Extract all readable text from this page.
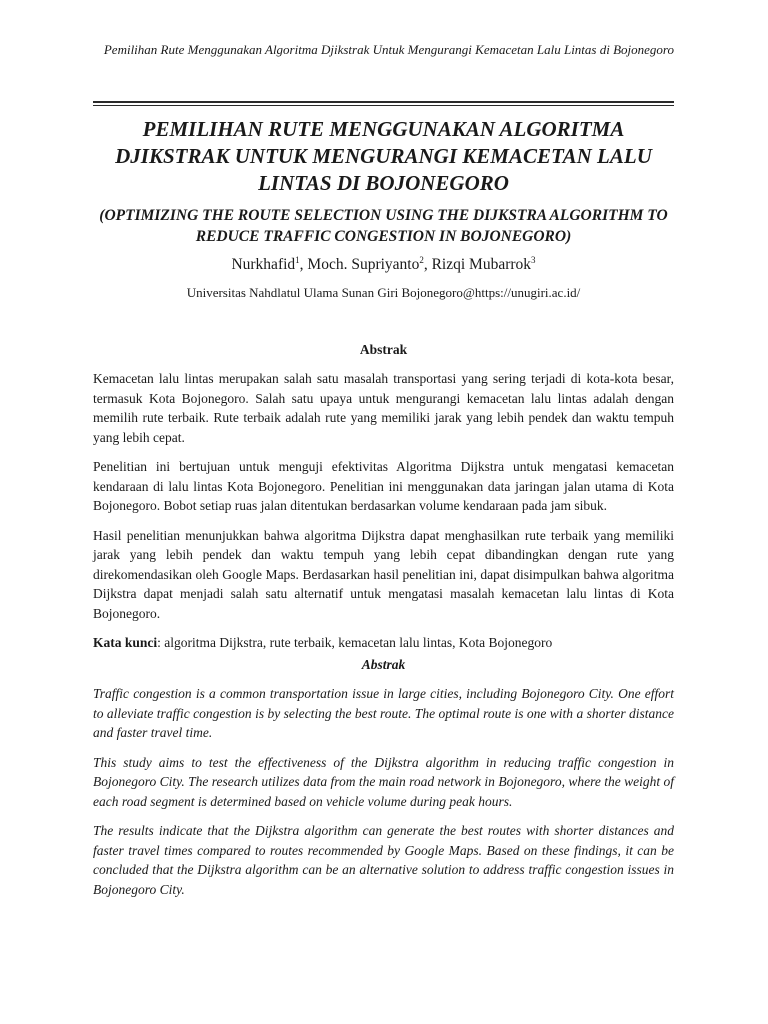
Pemilihan Rute Menggunakan Algoritma Djikstrak Untuk Mengurangi Kemacetan Lalu Lintas di Bojonegoro
PEMILIHAN RUTE MENGGUNAKAN ALGORITMA DJIKSTRAK UNTUK MENGURANGI KEMACETAN LALU LINTAS DI BOJONEGORO
(OPTIMIZING THE ROUTE SELECTION USING THE DIJKSTRA ALGORITHM TO REDUCE TRAFFIC CONGESTION IN BOJONEGORO)
Nurkhafid$^1$, Moch. Supriyanto$^2$, Rizqi Mubarrok$^3$
Universitas Nahdlatul Ulama Sunan Giri Bojonegoro@https://unugiri.ac.id/
Abstrak

Kemacetan lalu lintas merupakan salah satu masalah transportasi yang sering terjadi di kota-kota besar, termasuk Kota Bojonegoro. Salah satu upaya untuk mengurangi kemacetan lalu lintas adalah dengan memilih rute terbaik. Rute terbaik adalah rute yang memiliki jarak yang lebih pendek dan waktu tempuh yang lebih cepat.

Penelitian ini bertujuan untuk menguji efektivitas Algoritma Dijkstra untuk mengatasi kemacetan kendaraan di lalu lintas Kota Bojonegoro. Penelitian ini menggunakan data jaringan jalan utama di Kota Bojonegoro. Bobot setiap ruas jalan ditentukan berdasarkan volume kendaraan pada jam sibuk.

Hasil penelitian menunjukkan bahwa algoritma Dijkstra dapat menghasilkan rute terbaik yang memiliki jarak yang lebih pendek dan waktu tempuh yang lebih cepat dibandingkan dengan rute yang direkomendasikan oleh Google Maps. Berdasarkan hasil penelitian ini, dapat disimpulkan bahwa algoritma Dijkstra dapat menjadi salah satu alternatif untuk mengatasi masalah kemacetan lalu lintas di Kota Bojonegoro.

Kata kunci: algoritma Dijkstra, rute terbaik, kemacetan lalu lintas, Kota Bojonegoro

Abstrak

Traffic congestion is a common transportation issue in large cities, including Bojonegoro City. One effort to alleviate traffic congestion is by selecting the best route. The optimal route is one with a shorter distance and faster travel time.

This study aims to test the effectiveness of the Dijkstra algorithm in reducing traffic congestion in Bojonegoro City. The research utilizes data from the main road network in Bojonegoro, where the weight of each road segment is determined based on vehicle volume during peak hours.

The results indicate that the Dijkstra algorithm can generate the best routes with shorter distances and faster travel times compared to routes recommended by Google Maps. Based on these findings, it can be concluded that the Dijkstra algorithm can be an alternative solution to address traffic congestion issues in Bojonegoro City.
